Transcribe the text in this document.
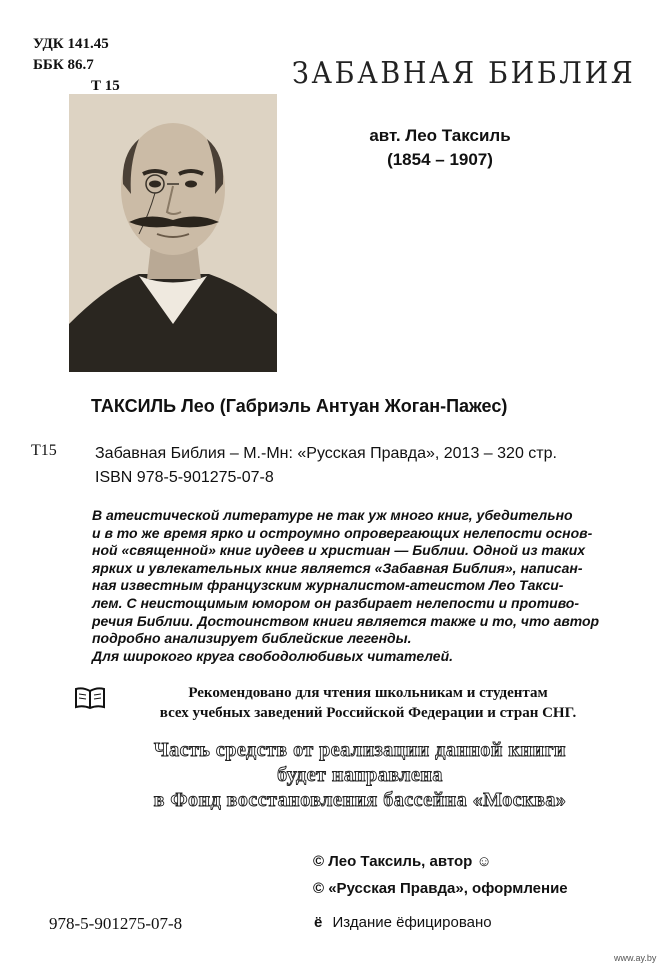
УДК 141.45
ББК 86.7
Т 15	ЗАБАВНАЯ БИБЛИЯ
авт. Лео Таксиль
(1854 – 1907)
ТАКСИЛЬ Лео (Габриэль Антуан Жоган-Пажес)
Т15 Забавная Библия – М.-Мн: «Русская Правда», 2013 – 320 стр.
ISBN 978-5-901275-07-8

В атеистической литературе не так уж много книг, убедительно

и в то же время ярко и остроумно опровергающих нелепости основ-

ной «священной» книг иудеев и христиан — Библии. Одной из таких

ярких и увлекательных книг является «Забавная Библия», написан-

ная известным французским журналистом-атеистом Лео Такси-

лем. С неистощимым юмором он разбирает нелепости и противо-

речия Библии. Достоинством книги является также и то, что автор

подробно анализирует библейские легенды.

Для широкого круга свободолюбивых читателей.

Рекомендовано для чтения школьникам и студентам
всех учебных заведений Российской Федерации и стран СНГ.
Часть средств от реализации данной книги
будет направлена
в Фонд восстановления бассейна «Москва»
© Лео Таксиль, автор ☺
© «Русская Правда», оформление
978-5-901275-07-8	ё Издание ёфицировано
www.ay.by
